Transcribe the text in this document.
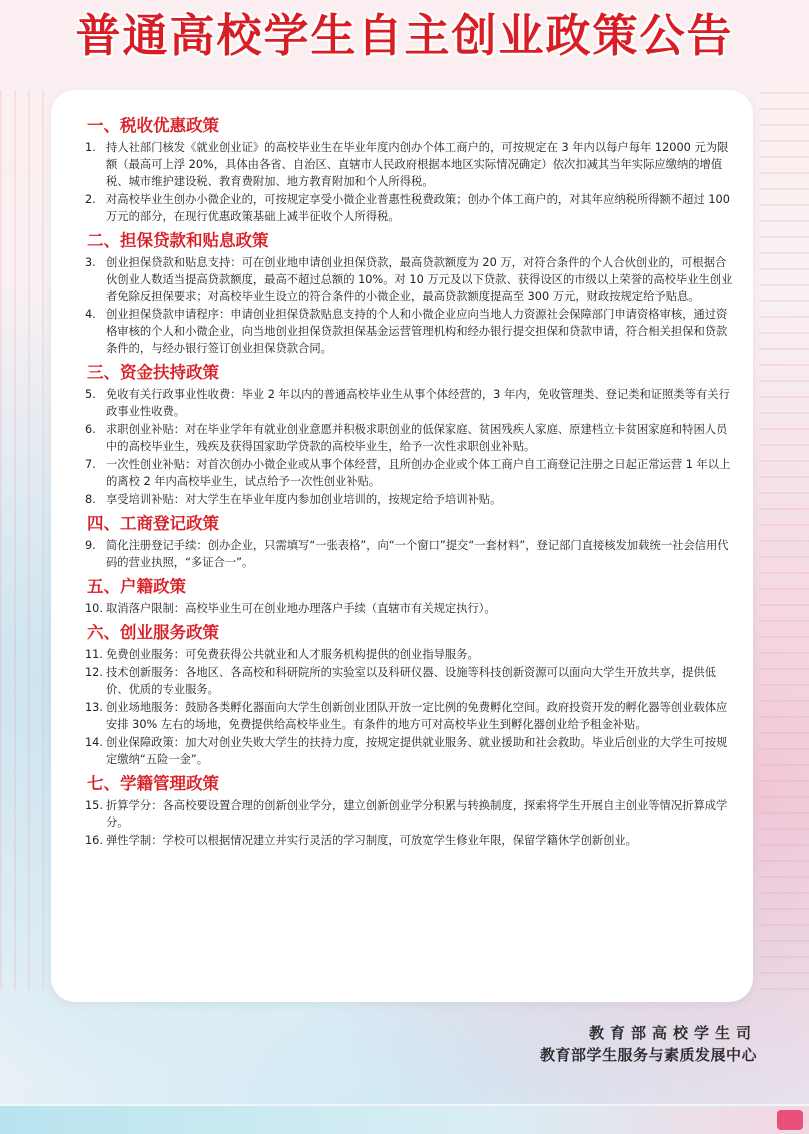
普通高校学生自主创业政策公告
一、税收优惠政策
1. 持人社部门核发《就业创业证》的高校毕业生在毕业年度内创办个体工商户的，可按规定在 3 年内以每户每年 12000 元为限额（最高可上浮 20%，具体由各省、自治区、直辖市人民政府根据本地区实际情况确定）依次扣减其当年实际应缴纳的增值税、城市维护建设税、教育费附加、地方教育附加和个人所得税。
2. 对高校毕业生创办小微企业的，可按规定享受小微企业普惠性税费政策；创办个体工商户的，对其年应纳税所得额不超过 100 万元的部分，在现行优惠政策基础上减半征收个人所得税。
二、担保贷款和贴息政策
3. 创业担保贷款和贴息支持：可在创业地申请创业担保贷款，最高贷款额度为 20 万，对符合条件的个人合伙创业的，可根据合伙创业人数适当提高贷款额度，最高不超过总额的 10%。对 10 万元及以下贷款、获得设区的市级以上荣誉的高校毕业生创业者免除反担保要求；对高校毕业生设立的符合条件的小微企业，最高贷款额度提高至 300 万元，财政按规定给予贴息。
4. 创业担保贷款申请程序：申请创业担保贷款贴息支持的个人和小微企业应向当地人力资源社会保障部门申请资格审核，通过资格审核的个人和小微企业，向当地创业担保贷款担保基金运营管理机构和经办银行提交担保和贷款申请，符合相关担保和贷款条件的，与经办银行签订创业担保贷款合同。
三、资金扶持政策
5. 免收有关行政事业性收费：毕业 2 年以内的普通高校毕业生从事个体经营的，3 年内，免收管理类、登记类和证照类等有关行政事业性收费。
6. 求职创业补贴：对在毕业学年有就业创业意愿并积极求职创业的低保家庭、贫困残疾人家庭、原建档立卡贫困家庭和特困人员中的高校毕业生，残疾及获得国家助学贷款的高校毕业生，给予一次性求职创业补贴。
7. 一次性创业补贴：对首次创办小微企业或从事个体经营，且所创办企业或个体工商户自工商登记注册之日起正常运营 1 年以上的离校 2 年内高校毕业生，试点给予一次性创业补贴。
8. 享受培训补贴：对大学生在毕业年度内参加创业培训的，按规定给予培训补贴。
四、工商登记政策
9. 简化注册登记手续：创办企业，只需填写“一张表格”，向“一个窗口”提交“一套材料”，登记部门直接核发加载统一社会信用代码的营业执照，“多证合一”。
五、户籍政策
10. 取消落户限制：高校毕业生可在创业地办理落户手续（直辖市有关规定执行）。
六、创业服务政策
11. 免费创业服务：可免费获得公共就业和人才服务机构提供的创业指导服务。
12. 技术创新服务：各地区、各高校和科研院所的实验室以及科研仪器、设施等科技创新资源可以面向大学生开放共享，提供低价、优质的专业服务。
13. 创业场地服务：鼓励各类孵化器面向大学生创新创业团队开放一定比例的免费孵化空间。政府投资开发的孵化器等创业载体应安排 30% 左右的场地，免费提供给高校毕业生。有条件的地方可对高校毕业生到孵化器创业给予租金补贴。
14. 创业保障政策：加大对创业失败大学生的扶持力度，按规定提供就业服务、就业援助和社会救助。毕业后创业的大学生可按规定缴纳“五险一金”。
七、学籍管理政策
15. 折算学分：各高校要设置合理的创新创业学分，建立创新创业学分积累与转换制度，探索将学生开展自主创业等情况折算成学分。
16. 弹性学制：学校可以根据情况建立并实行灵活的学习制度，可放宽学生修业年限，保留学籍休学创新创业。
教育部高校学生司
教育部学生服务与素质发展中心
